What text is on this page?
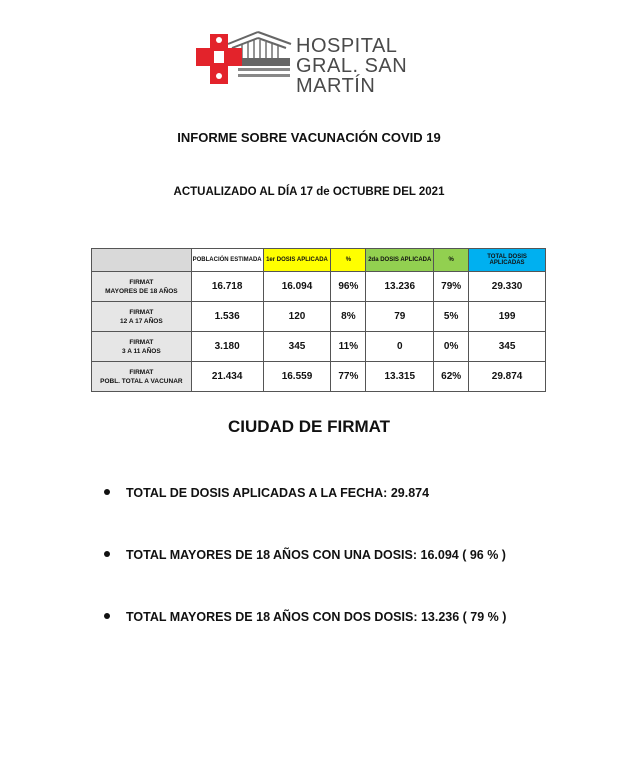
HOSPITAL
GRAL. SAN MARTÍN
INFORME SOBRE VACUNACIÓN COVID 19
ACTUALIZADO AL DÍA 17 de OCTUBRE DEL 2021
	POBLACIÓN ESTIMADA	1er DOSIS APLICADA	%	2da DOSIS APLICADA	%	TOTAL DOSIS APLICADAS

FIRMAT
MAYORES DE 18 AÑOS	16.718	16.094	96%	13.236	79%	29.330

FIRMAT
12 A 17 AÑOS	1.536	120	8%	79	5%	199

FIRMAT
3 A 11 AÑOS	3.180	345	11%	0	0%	345

FIRMAT
POBL. TOTAL A VACUNAR	21.434	16.559	77%	13.315	62%	29.874
CIUDAD DE FIRMAT
TOTAL DE DOSIS APLICADAS A LA FECHA: 29.874
TOTAL MAYORES DE 18 AÑOS CON UNA DOSIS: 16.094 ( 96 % )
TOTAL MAYORES DE 18 AÑOS CON DOS DOSIS: 13.236 ( 79 % )
